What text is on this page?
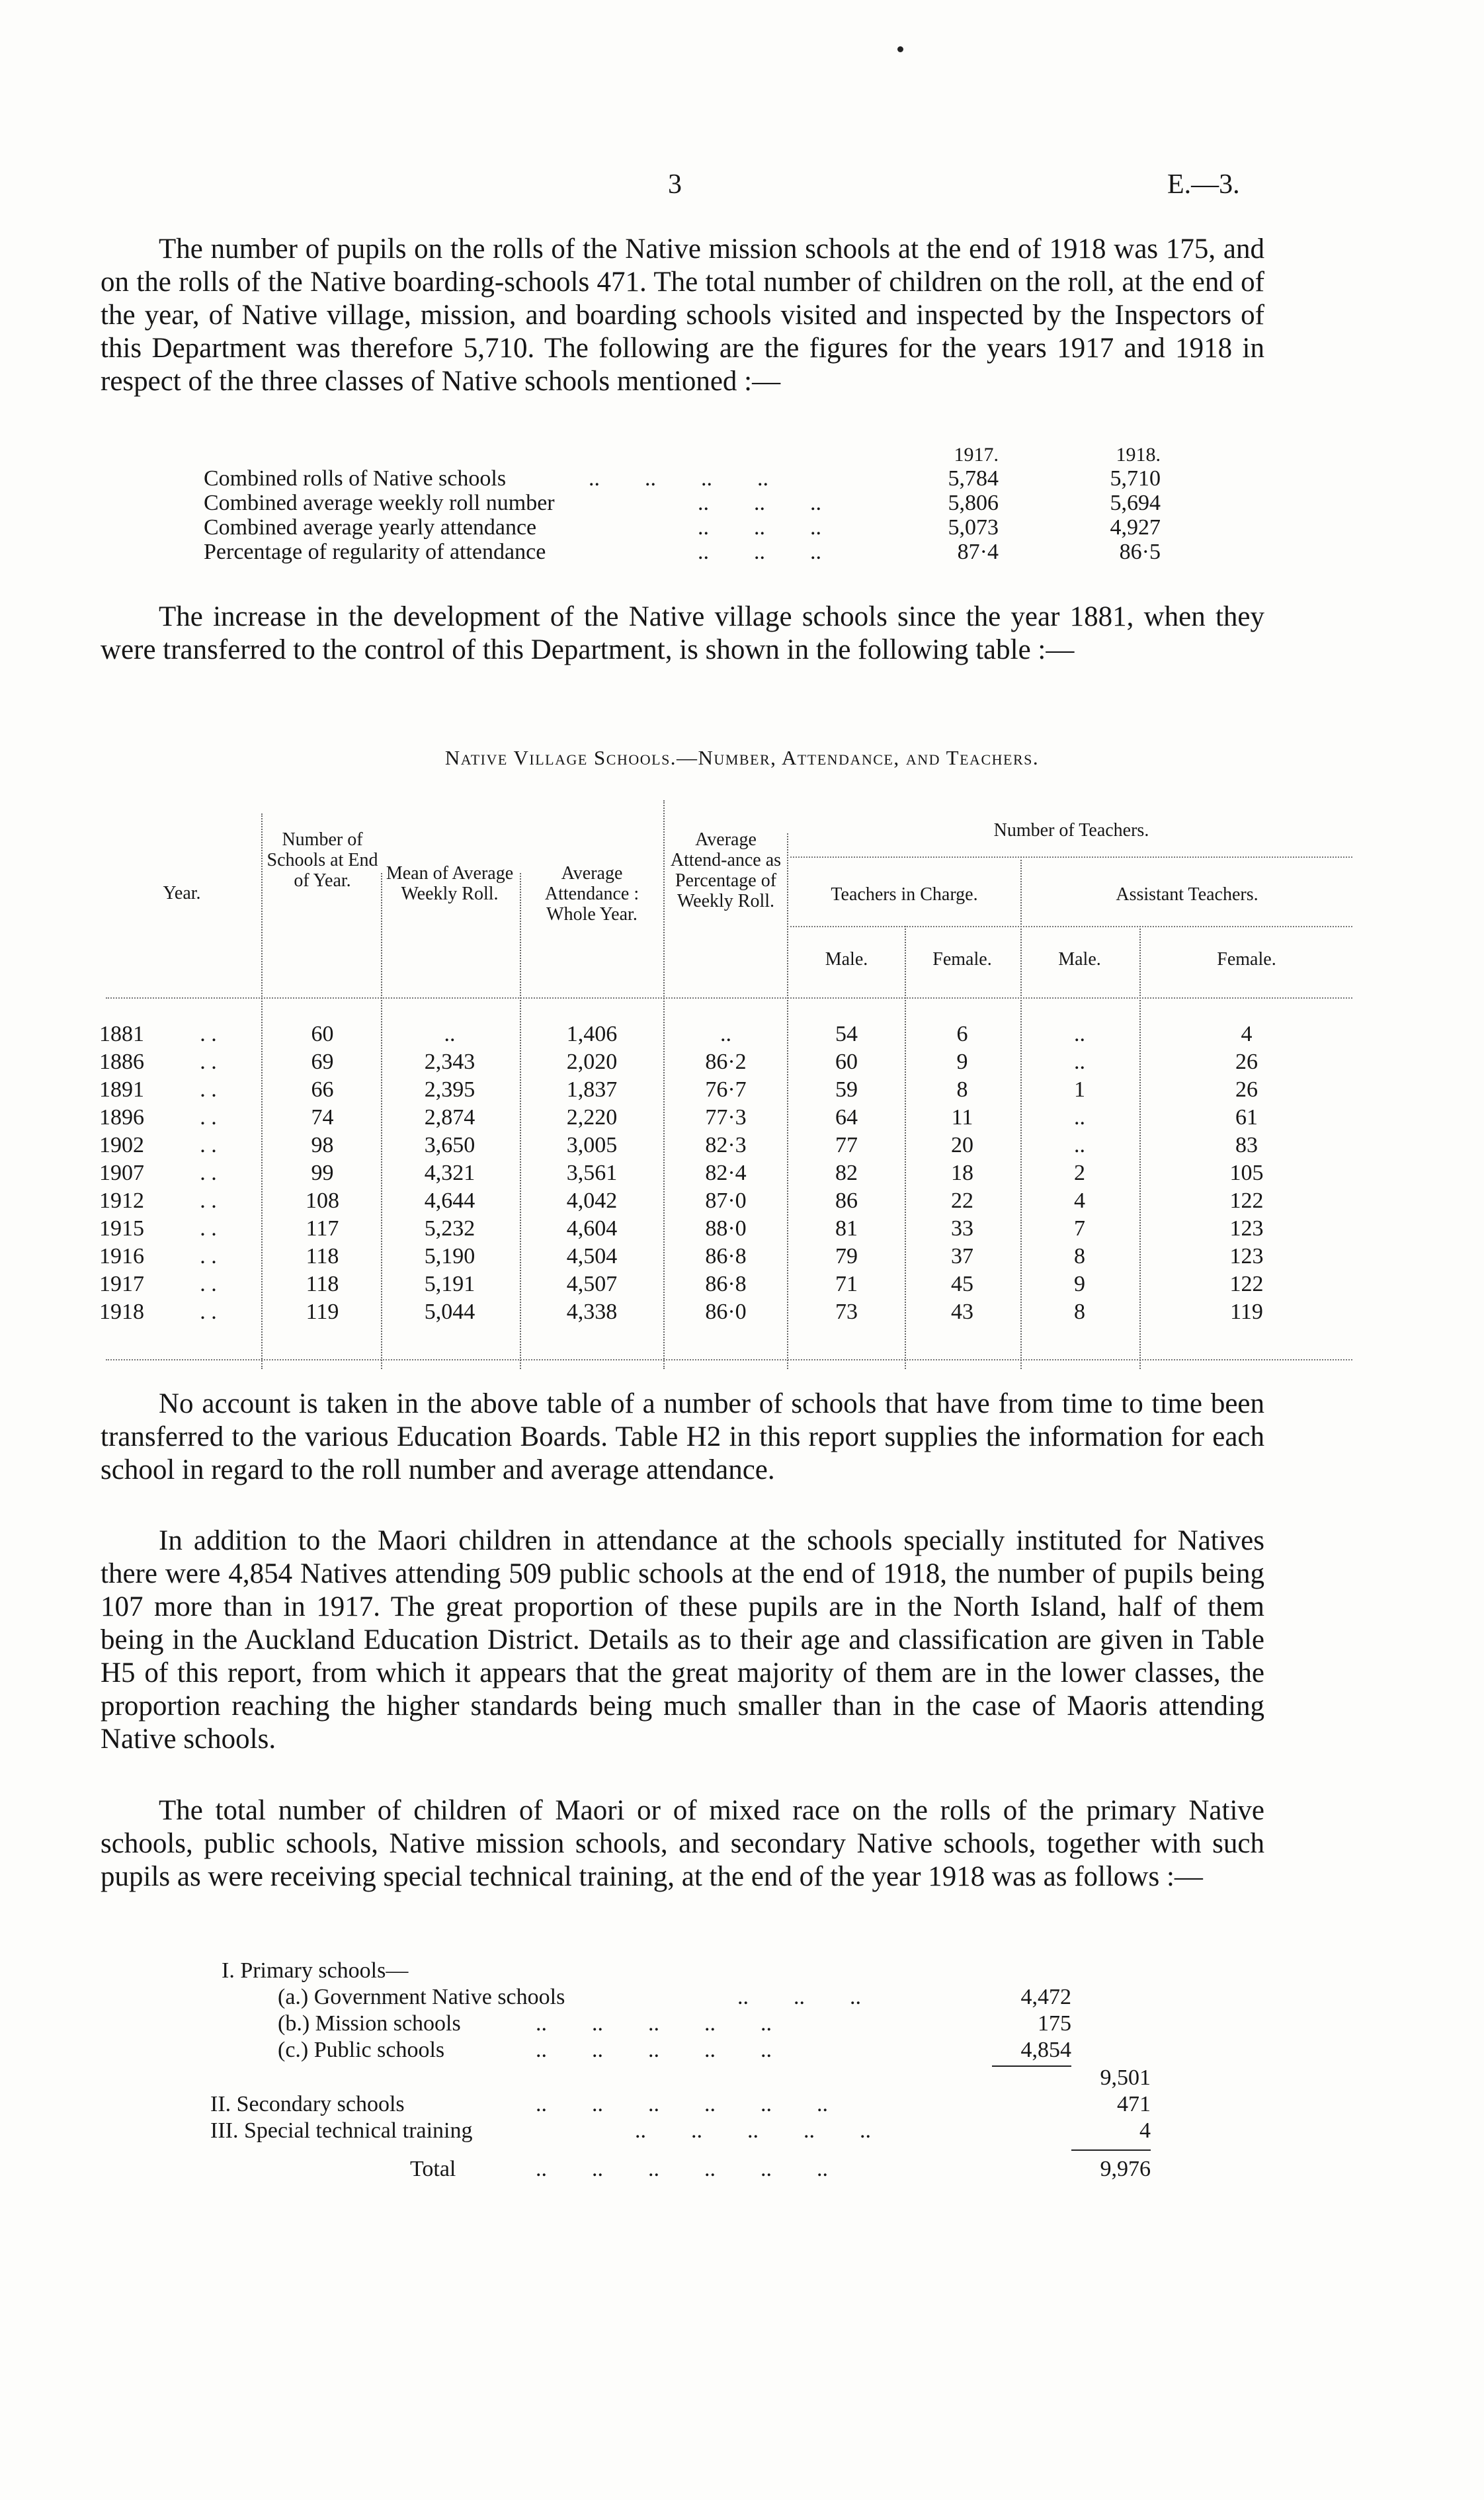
3	E.—3.

The number of pupils on the rolls of the Native mission schools at the end of 1918 was 175, and on the rolls of the Native boarding-schools 471. The total number of children on the roll, at the end of the year, of Native village, mission, and boarding schools visited and inspected by the Inspectors of this Department was therefore 5,710. The following are the figures for the years 1917 and 1918 in respect of the three classes of Native schools mentioned :—

1917.	1918.
Combined rolls of Native schools	..        ..        ..        ..	5,784	5,710
Combined average weekly roll number	..        ..        ..	5,806	5,694
Combined average yearly attendance	..        ..        ..	5,073	4,927
Percentage of regularity of attendance	..        ..        ..	87·4	86·5

The increase in the development of the Native village schools since the year 1881, when they were transferred to the control of this Department, is shown in the following table :—

Native Village Schools.—Number, Attendance, and Teachers.
Year.
Number of Schools at End of Year.	Mean of Average Weekly Roll.
Average Attendance : Whole Year.
Average Attend-ance as Percentage of Weekly Roll.
Number of Teachers.
Teachers in Charge.	Assistant Teachers.
Male.	Female.	Male.	Female.
1881	. .	60	..	1,406	..	54	6	..	4
1886	. .	69	2,343	2,020	86·2	60	9	..	26
1891	. .	66	2,395	1,837	76·7	59	8	1	26
1896	. .	74	2,874	2,220	77·3	64	11	..	61
1902	. .	98	3,650	3,005	82·3	77	20	..	83
1907	. .	99	4,321	3,561	82·4	82	18	2	105
1912	. .	108	4,644	4,042	87·0	86	22	4	122
1915	. .	117	5,232	4,604	88·0	81	33	7	123
1916	. .	118	5,190	4,504	86·8	79	37	8	123
1917	. .	118	5,191	4,507	86·8	71	45	9	122
1918	. .	119	5,044	4,338	86·0	73	43	8	119

No account is taken in the above table of a number of schools that have from time to time been transferred to the various Education Boards. Table H2 in this report supplies the information for each school in regard to the roll number and average attendance.

In addition to the Maori children in attendance at the schools specially instituted for Natives there were 4,854 Natives attending 509 public schools at the end of 1918, the number of pupils being 107 more than in 1917. The great proportion of these pupils are in the North Island, half of them being in the Auckland Education District. Details as to their age and classification are given in Table H5 of this report, from which it appears that the great majority of them are in the lower classes, the proportion reaching the higher standards being much smaller than in the case of Maoris attending Native schools.

The total number of children of Maori or of mixed race on the rolls of the primary Native schools, public schools, Native mission schools, and secondary Native schools, together with such pupils as were receiving special technical training, at the end of the year 1918 was as follows :—

I. Primary schools—
(a.) Government Native schools	..        ..        ..	4,472
(b.) Mission schools	..        ..        ..        ..        ..	175
(c.) Public schools	..        ..        ..        ..        ..	4,854
9,501
II. Secondary schools	..        ..        ..        ..        ..        ..	471
III. Special technical training	..        ..        ..        ..        ..	4
Total	..        ..        ..        ..        ..        ..	9,976
